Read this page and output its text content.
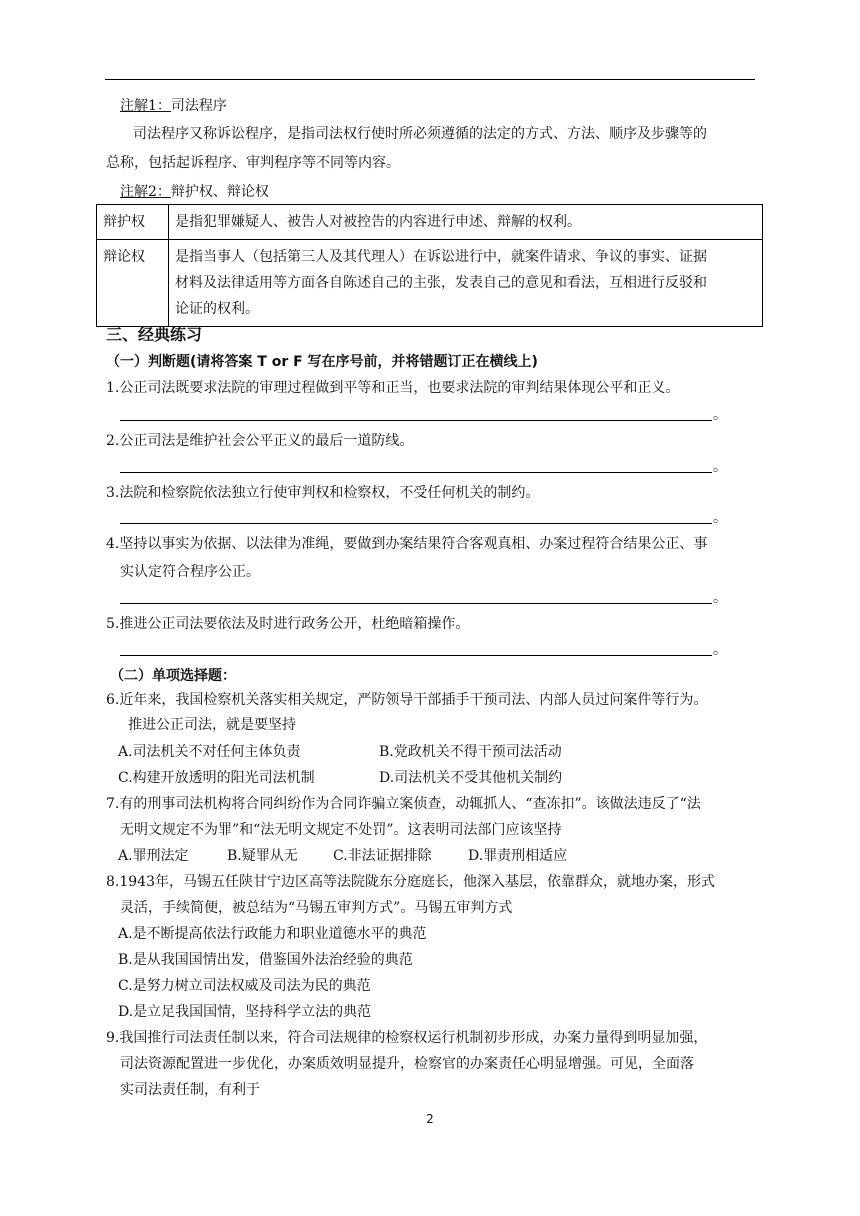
注解1：司法程序
司法程序又称诉讼程序，是指司法权行使时所必须遵循的法定的方式、方法、顺序及步骤等的
总称，包括起诉程序、审判程序等不同等内容。
注解2：辩护权、辩论权
辩护权	是指犯罪嫌疑人、被告人对被控告的内容进行申述、辩解的权利。

辩论权	是指当事人（包括第三人及其代理人）在诉讼进行中，就案件请求、争议的事实、证据
材料及法律适用等方面各自陈述自己的主张，发表自己的意见和看法，互相进行反驳和
论证的权利。
三、经典练习
（一）判断题(请将答案 T or F 写在序号前，并将错题订正在横线上)
1.公正司法既要求法院的审理过程做到平等和正当，也要求法院的审判结果体现公平和正义。
。
2.公正司法是维护社会公平正义的最后一道防线。
。
3.法院和检察院依法独立行使审判权和检察权，不受任何机关的制约。
。
4.坚持以事实为依据、以法律为准绳，要做到办案结果符合客观真相、办案过程符合结果公正、事
实认定符合程序公正。
。
5.推进公正司法要依法及时进行政务公开，杜绝暗箱操作。
。
（二）单项选择题：
6.近年来，我国检察机关落实相关规定，严防领导干部插手干预司法、内部人员过问案件等行为。
推进公正司法，就是要坚持
A.司法机关不对任何主体负责	B.党政机关不得干预司法活动
C.构建开放透明的阳光司法机制	D.司法机关不受其他机关制约
7.有的刑事司法机构将合同纠纷作为合同诈骗立案侦查，动辄抓人、“查冻扣”。该做法违反了“法
无明文规定不为罪”和“法无明文规定不处罚”。这表明司法部门应该坚持
A.罪刑法定	B.疑罪从无	C.非法证据排除	D.罪责刑相适应
8.1943年，马锡五任陕甘宁边区高等法院陇东分庭庭长，他深入基层，依靠群众，就地办案，形式
灵活，手续简便，被总结为“马锡五审判方式”。马锡五审判方式
A.是不断提高依法行政能力和职业道德水平的典范
B.是从我国国情出发，借鉴国外法治经验的典范
C.是努力树立司法权威及司法为民的典范
D.是立足我国国情，坚持科学立法的典范
9.我国推行司法责任制以来，符合司法规律的检察权运行机制初步形成，办案力量得到明显加强，
司法资源配置进一步优化，办案质效明显提升，检察官的办案责任心明显增强。可见，全面落
实司法责任制，有利于
2
